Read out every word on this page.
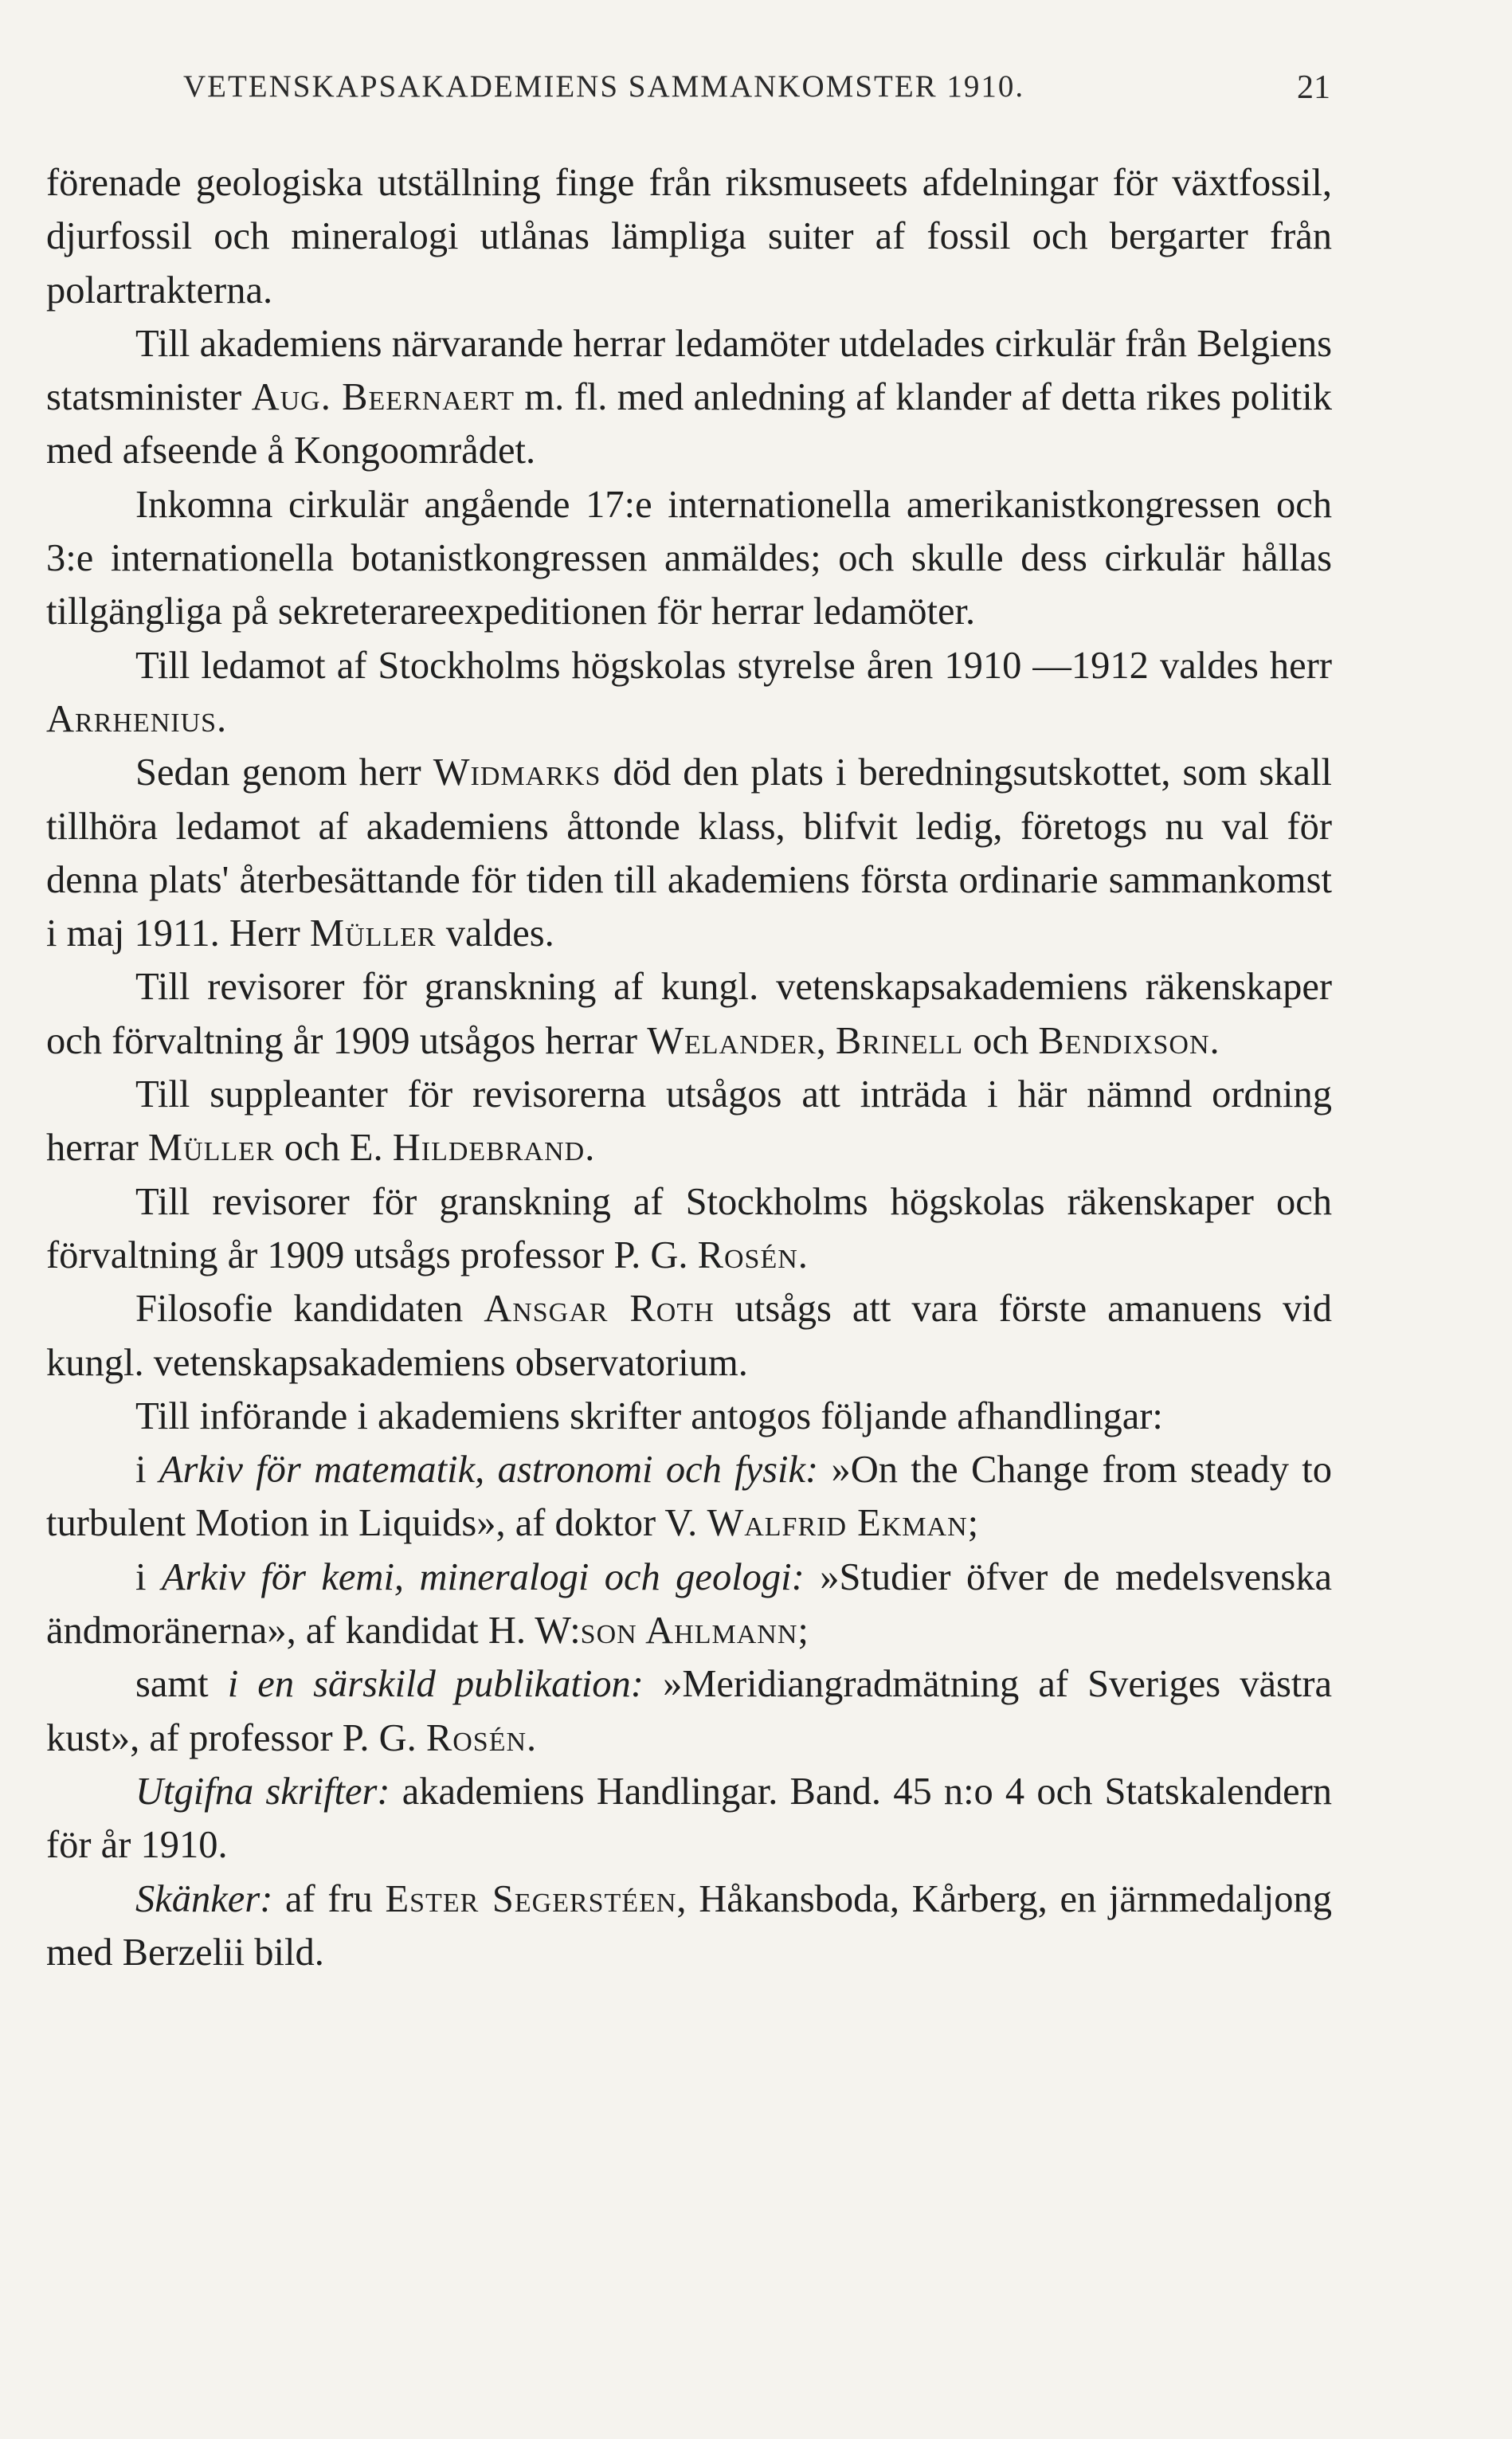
VETENSKAPSAKADEMIENS SAMMANKOMSTER 1910.	21

förenade geologiska utställning finge från riksmuseets afdelningar för växtfossil, djurfossil och mineralogi utlånas lämpliga suiter af fossil och bergarter från polartrakterna.

Till akademiens närvarande herrar ledamöter utdelades cirkulär från Belgiens statsminister Aug. Beernaert m. fl. med anledning af klander af detta rikes politik med afseende å Kongoområdet.

Inkomna cirkulär angående 17:e internationella amerikanistkongressen och 3:e internationella botanistkongressen anmäldes; och skulle dess cirkulär hållas tillgängliga på sekreterareexpeditionen för herrar ledamöter.

Till ledamot af Stockholms högskolas styrelse åren 1910 —1912 valdes herr Arrhenius.

Sedan genom herr Widmarks död den plats i beredningsutskottet, som skall tillhöra ledamot af akademiens åttonde klass, blifvit ledig, företogs nu val för denna plats' återbesättande för tiden till akademiens första ordinarie sammankomst i maj 1911. Herr Müller valdes.

Till revisorer för granskning af kungl. vetenskapsakademiens räkenskaper och förvaltning år 1909 utsågos herrar Welander, Brinell och Bendixson.

Till suppleanter för revisorerna utsågos att inträda i här nämnd ordning herrar Müller och E. Hildebrand.

Till revisorer för granskning af Stockholms högskolas räkenskaper och förvaltning år 1909 utsågs professor P. G. Rosén.

Filosofie kandidaten Ansgar Roth utsågs att vara förste amanuens vid kungl. vetenskapsakademiens observatorium.

Till införande i akademiens skrifter antogos följande afhandlingar:

i Arkiv för matematik, astronomi och fysik: »On the Change from steady to turbulent Motion in Liquids», af doktor V. Walfrid Ekman;

i Arkiv för kemi, mineralogi och geologi: »Studier öfver de medelsvenska ändmoränerna», af kandidat H. W:son Ahlmann;

samt i en särskild publikation: »Meridiangradmätning af Sveriges västra kust», af professor P. G. Rosén.

Utgifna skrifter: akademiens Handlingar. Band. 45 n:o 4 och Statskalendern för år 1910.

Skänker: af fru Ester Segerstéen, Håkansboda, Kårberg, en järnmedaljong med Berzelii bild.
